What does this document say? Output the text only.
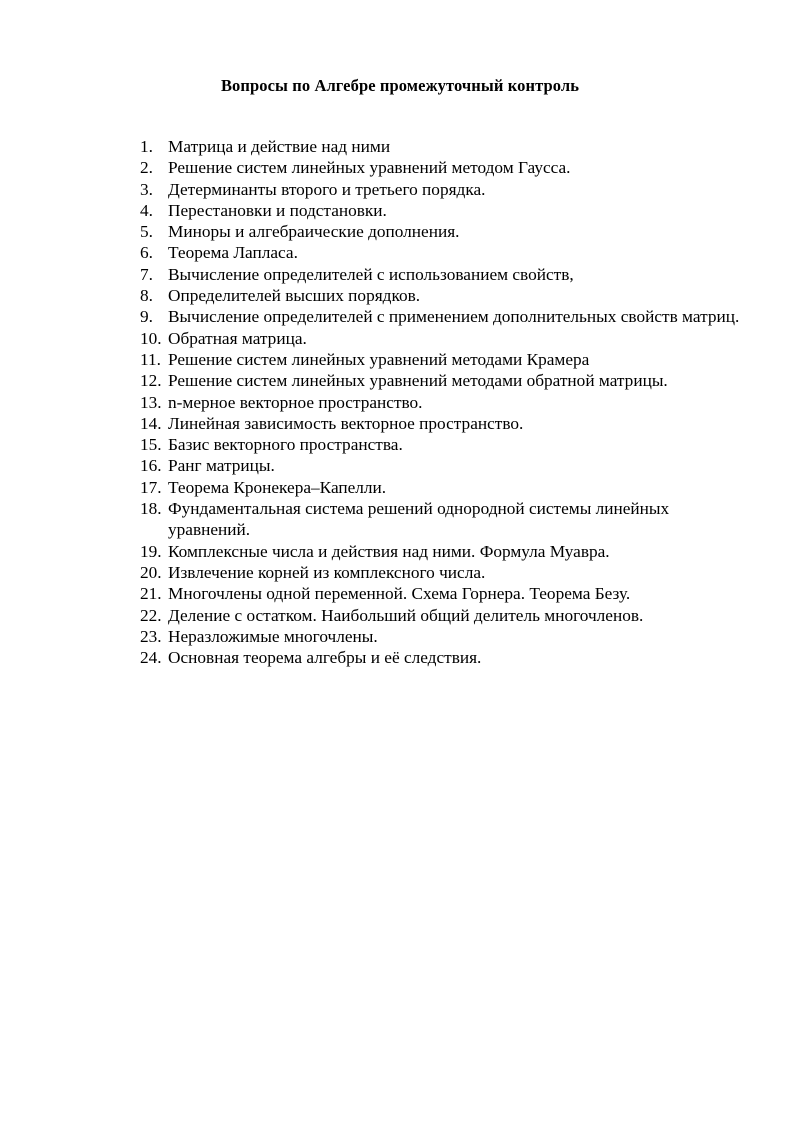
Вопросы по Алгебре промежуточный контроль
1. Матрица и действие над ними
2. Решение систем линейных уравнений методом Гаусса.
3. Детерминанты второго и третьего порядка.
4. Перестановки и подстановки.
5. Миноры и алгебраические дополнения.
6. Теорема Лапласа.
7. Вычисление определителей с использованием свойств,
8. Определителей высших порядков.
9. Вычисление определителей с применением дополнительных свойств матриц.
10. Обратная матрица.
11. Решение систем линейных уравнений методами Крамера
12. Решение систем линейных уравнений методами обратной матрицы.
13. n-мерное векторное пространство.
14. Линейная зависимость векторное пространство.
15. Базис векторного пространства.
16. Ранг матрицы.
17. Теорема Кронекера–Капелли.
18. Фундаментальная система решений однородной системы линейных уравнений.
19. Комплексные числа и действия над ними. Формула Муавра.
20. Извлечение корней из комплексного числа.
21. Многочлены одной переменной. Схема Горнера. Теорема Безу.
22. Деление с остатком. Наибольший общий делитель многочленов.
23. Неразложимые многочлены.
24. Основная теорема алгебры и её следствия.
